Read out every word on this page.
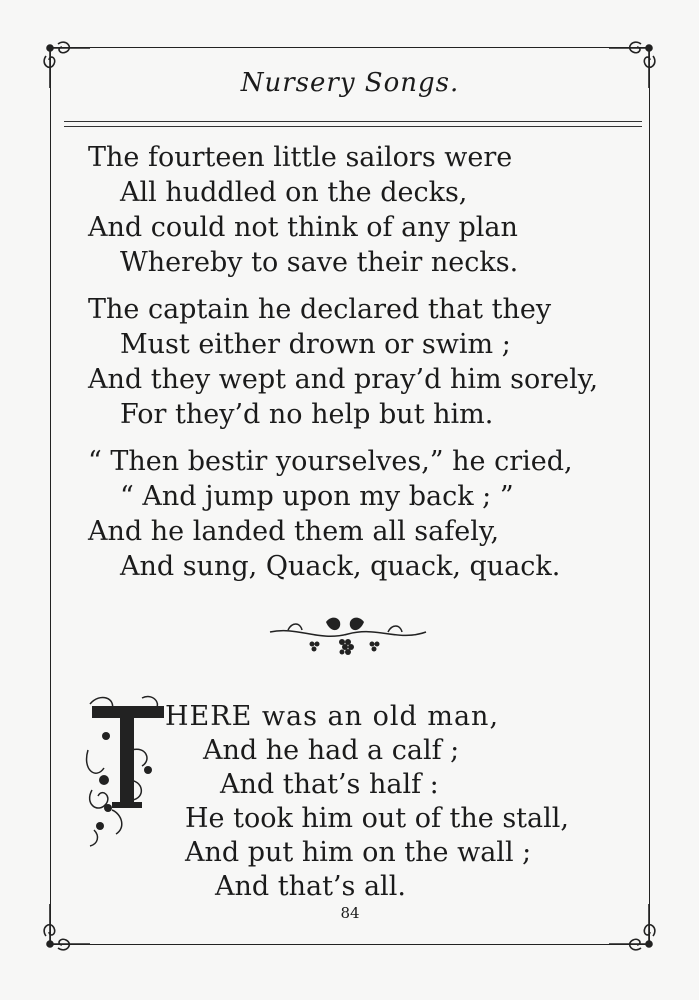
Nursery Songs.
The fourteen little sailors were
All huddled on the decks,
And could not think of any plan
Whereby to save their necks.
The captain he declared that they
Must either drown or swim ;
And they wept and pray’d him sorely,
For they’d no help but him.
“ Then bestir yourselves,” he cried,
“ And jump upon my back ; ”
And he landed them all safely,
And sung, Quack, quack, quack.
HERE was an old man,
And he had a calf ;
And that’s half :
He took him out of the stall,
And put him on the wall ;
And that’s all.
84
